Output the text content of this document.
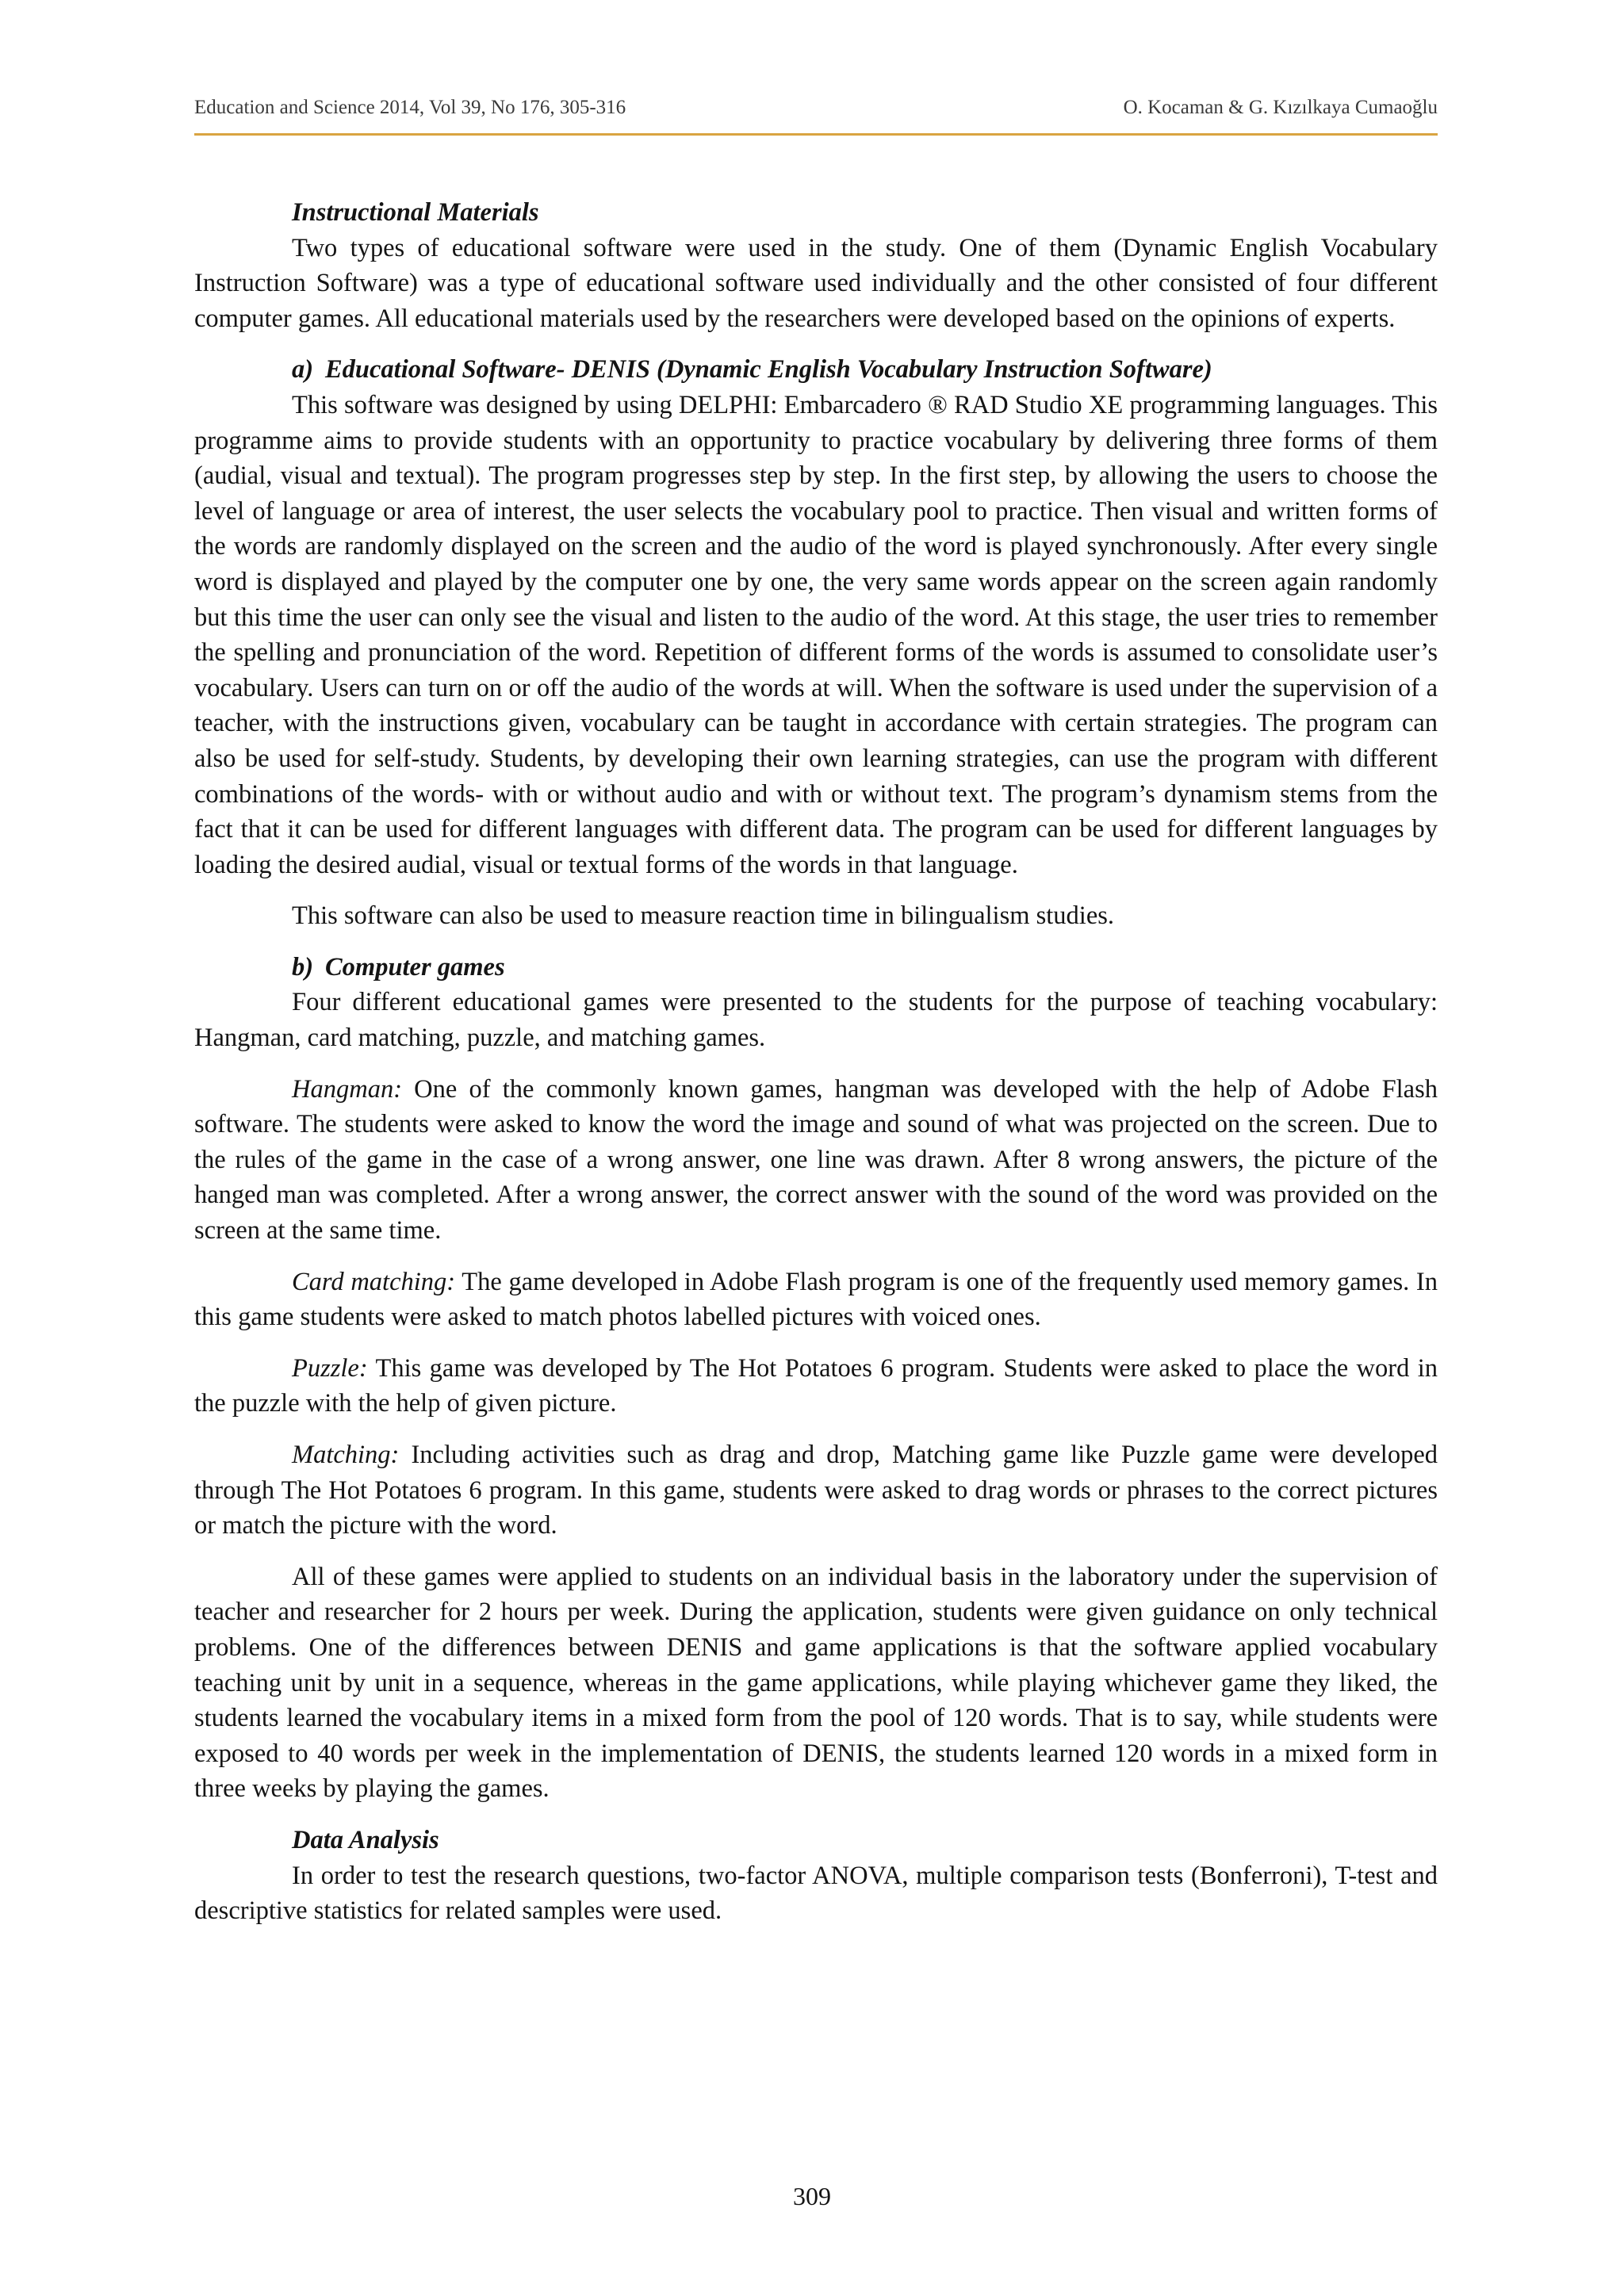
Education and Science 2014, Vol 39, No 176, 305-316	O. Kocaman & G. Kızılkaya Cumaoğlu
Instructional Materials

Two types of educational software were used in the study. One of them (Dynamic English Vocabulary Instruction Software) was a type of educational software used individually and the other consisted of four different computer games. All educational materials used by the researchers were developed based on the opinions of experts.

a) Educational Software- DENIS (Dynamic English Vocabulary Instruction Software)

This software was designed by using DELPHI: Embarcadero ® RAD Studio XE programming languages. This programme aims to provide students with an opportunity to practice vocabulary by delivering three forms of them (audial, visual and textual). The program progresses step by step. In the first step, by allowing the users to choose the level of language or area of interest, the user selects the vocabulary pool to practice. Then visual and written forms of the words are randomly displayed on the screen and the audio of the word is played synchronously. After every single word is displayed and played by the computer one by one, the very same words appear on the screen again randomly but this time the user can only see the visual and listen to the audio of the word. At this stage, the user tries to remember the spelling and pronunciation of the word. Repetition of different forms of the words is assumed to consolidate user’s vocabulary. Users can turn on or off the audio of the words at will. When the software is used under the supervision of a teacher, with the instructions given, vocabulary can be taught in accordance with certain strategies. The program can also be used for self-study. Students, by developing their own learning strategies, can use the program with different combinations of the words- with or without audio and with or without text. The program’s dynamism stems from the fact that it can be used for different languages with different data. The program can be used for different languages by loading the desired audial, visual or textual forms of the words in that language.

This software can also be used to measure reaction time in bilingualism studies.

b) Computer games

Four different educational games were presented to the students for the purpose of teaching vocabulary: Hangman, card matching, puzzle, and matching games.

Hangman: One of the commonly known games, hangman was developed with the help of Adobe Flash software. The students were asked to know the word the image and sound of what was projected on the screen. Due to the rules of the game in the case of a wrong answer, one line was drawn. After 8 wrong answers, the picture of the hanged man was completed. After a wrong answer, the correct answer with the sound of the word was provided on the screen at the same time.

Card matching: The game developed in Adobe Flash program is one of the frequently used memory games. In this game students were asked to match photos labelled pictures with voiced ones.

Puzzle: This game was developed by The Hot Potatoes 6 program. Students were asked to place the word in the puzzle with the help of given picture.

Matching: Including activities such as drag and drop, Matching game like Puzzle game were developed through The Hot Potatoes 6 program. In this game, students were asked to drag words or phrases to the correct pictures or match the picture with the word.

All of these games were applied to students on an individual basis in the laboratory under the supervision of teacher and researcher for 2 hours per week. During the application, students were given guidance on only technical problems. One of the differences between DENIS and game applications is that the software applied vocabulary teaching unit by unit in a sequence, whereas in the game applications, while playing whichever game they liked, the students learned the vocabulary items in a mixed form from the pool of 120 words. That is to say, while students were exposed to 40 words per week in the implementation of DENIS, the students learned 120 words in a mixed form in three weeks by playing the games.

Data Analysis

In order to test the research questions, two-factor ANOVA, multiple comparison tests (Bonferroni), T-test and descriptive statistics for related samples were used.

309
